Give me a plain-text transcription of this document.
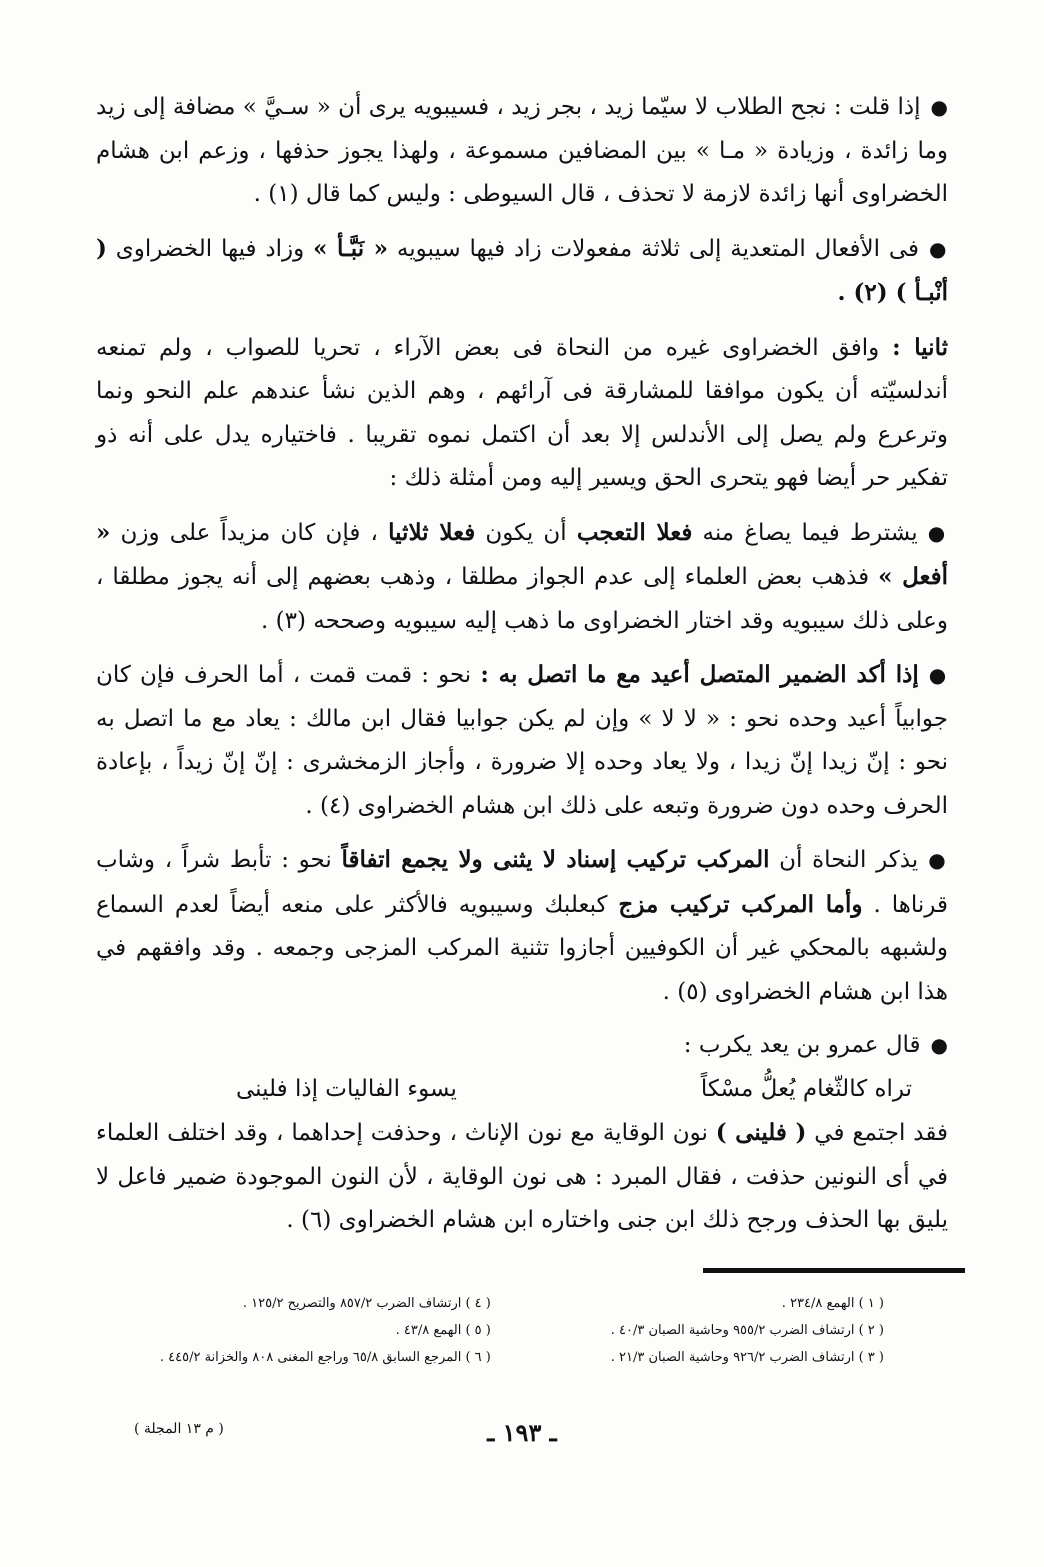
●إذا قلت : نجح الطلاب لا سيّما زيد ، بجر زيد ، فسيبويه يرى أن « سـيَّ » مضافة إلى زيد وما زائدة ، وزيادة « مـا » بين المضافين مسموعة ، ولهذا يجوز حذفها ، وزعم ابن هشام الخضراوى أنها زائدة لازمة لا تحذف ، قال السيوطى : وليس كما قال (١) .

●فى الأفعال المتعدية إلى ثلاثة مفعولات زاد فيها سيبويه « نَبَّـأ » وزاد فيها الخضراوى ( أنْبـأ ) (٢) .

ثانيا : وافق الخضراوى غيره من النحاة فى بعض الآراء ، تحريا للصواب ، ولم تمنعه أندلسيّته أن يكون موافقا للمشارقة فى آرائهم ، وهم الذين نشأ عندهم علم النحو ونما وترعرع ولم يصل إلى الأندلس إلا بعد أن اكتمل نموه تقريبا . فاختياره يدل على أنه ذو تفكير حر أيضا فهو يتحرى الحق ويسير إليه ومن أمثلة ذلك :

●يشترط فيما يصاغ منه فعلا التعجب أن يكون فعلا ثلاثيا ، فإن كان مزيداً على وزن « أفعل » فذهب بعض العلماء إلى عدم الجواز مطلقا ، وذهب بعضهم إلى أنه يجوز مطلقا ، وعلى ذلك سيبويه وقد اختار الخضراوى ما ذهب إليه سيبويه وصححه (٣) .

●إذا أكد الضمير المتصل أعيد مع ما اتصل به : نحو : قمت قمت ، أما الحرف فإن كان جوابياً أعيد وحده نحو : « لا لا » وإن لم يكن جوابيا فقال ابن مالك : يعاد مع ما اتصل به نحو : إنّ زيدا إنّ زيدا ، ولا يعاد وحده إلا ضرورة ، وأجاز الزمخشرى : إنّ إنّ زيداً ، بإعادة الحرف وحده دون ضرورة وتبعه على ذلك ابن هشام الخضراوى (٤) .

●يذكر النحاة أن المركب تركيب إسناد لا يثنى ولا يجمع اتفاقاً نحو : تأبط شراً ، وشاب قرناها . وأما المركب تركيب مزج كبعلبك وسيبويه فالأكثر على منعه أيضاً لعدم السماع ولشبهه بالمحكي غير أن الكوفيين أجازوا تثنية المركب المزجى وجمعه . وقد وافقهم في هذا ابن هشام الخضراوى (٥) .

●قال عمرو بن يعد يكرب :

تراه كالثّغام يُعلُّ مسْكاً
يسوء الفاليات إذا فلينى

فقد اجتمع في ( فلينى ) نون الوقاية مع نون الإناث ، وحذفت إحداهما ، وقد اختلف العلماء في أى النونين حذفت ، فقال المبرد : هى نون الوقاية ، لأن النون الموجودة ضمير فاعل لا يليق بها الحذف ورجح ذلك ابن جنى واختاره ابن هشام الخضراوى (٦) .

( ١ ) الهمع ٢٣٤/٨ .
( ٢ ) ارتشاف الضرب ٩٥٥/٢ وحاشية الصبان ٤٠/٣ .
( ٣ ) ارتشاف الضرب ٩٢٦/٢ وحاشية الصبان ٢١/٣ .
( ٤ ) ارتشاف الضرب ٨٥٧/٢ والتصريح ١٢٥/٢ .
( ٥ ) الهمع ٤٣/٨ .
( ٦ ) المرجع السابق ٦٥/٨ وراجع المغنى ٨٠٨ والخزانة ٤٤٥/٢ .
ـ ١٩٣ ـ
( م ١٣ المجلة )
